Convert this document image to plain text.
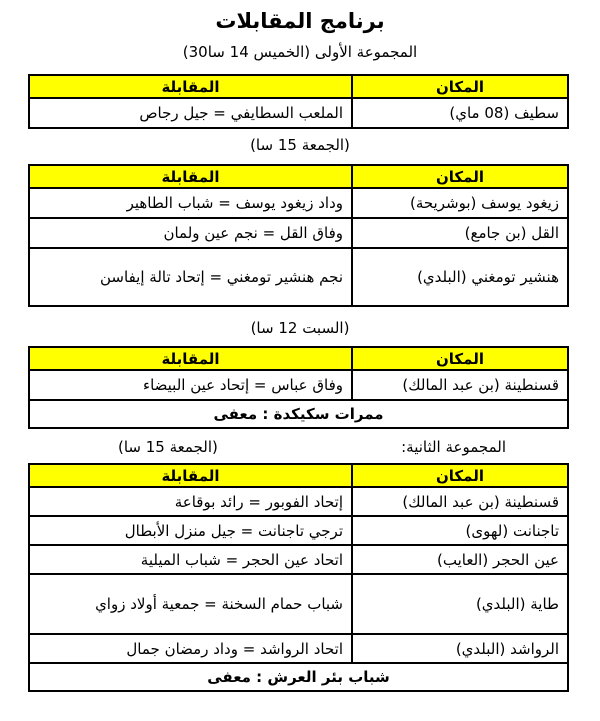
برنامج المقابلات
المجموعة الأولى (الخميس 14 سا30)
المكان	المقابلة
سطيف (08 ماي)	الملعب السطايفي = جيل رجاص
(الجمعة 15 سا)
المكان	المقابلة
زيغود يوسف (بوشريحة)	وداد زيغود يوسف = شباب الطاهير
القل (بن جامع)	وفاق القل = نجم عين ولمان
هنشير تومغني (البلدي)	نجم هنشير تومغني = إتحاد تالة إيفاسن
(السبت 12 سا)
المكان	المقابلة
قسنطينة (بن عبد المالك)	وفاق عباس = إتحاد عين البيضاء
ممرات سكيكدة : معفى	
المجموعة الثانية:
(الجمعة 15 سا)
المكان	المقابلة
قسنطينة (بن عبد المالك)	إتحاد الفوبور = رائد بوقاعة
تاجنانت (لهوى)	ترجي تاجنانت = جيل منزل الأبطال
عين الحجر (العايب)	اتحاد عين الحجر = شباب الميلية
طاية (البلدي)	شباب حمام السخنة = جمعية أولاد زواي
الرواشد (البلدي)	اتحاد الرواشد = وداد رمضان جمال
شباب بئر العرش : معفى	
